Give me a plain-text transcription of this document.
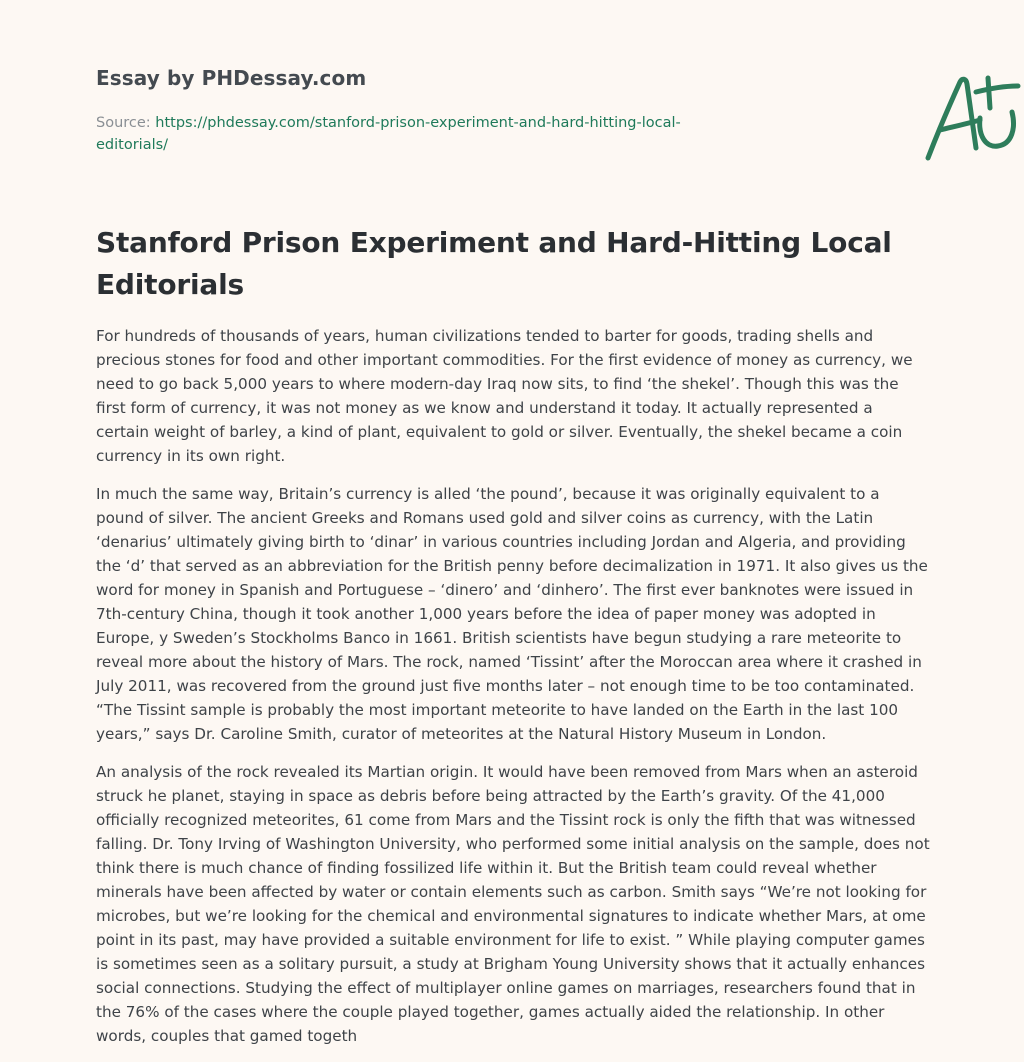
Essay by PHDessay.com
Source: https://phdessay.com/stanford-prison-experiment-and-hard-hitting-local-editorials/
Stanford Prison Experiment and Hard-Hitting Local Editorials

For hundreds of thousands of years, human civilizations tended to barter for goods, trading shells and precious stones for food and other important commodities. For the first evidence of money as currency, we need to go back 5,000 years to where modern-day Iraq now sits, to find ‘the shekel’. Though this was the first form of currency, it was not money as we know and understand it today. It actually represented a certain weight of barley, a kind of plant, equivalent to gold or silver. Eventually, the shekel became a coin currency in its own right.

In much the same way, Britain’s currency is alled ‘the pound’, because it was originally equivalent to a pound of silver. The ancient Greeks and Romans used gold and silver coins as currency, with the Latin ‘denarius’ ultimately giving birth to ‘dinar’ in various countries including Jordan and Algeria, and providing the ‘d’ that served as an abbreviation for the British penny before decimalization in 1971. It also gives us the word for money in Spanish and Portuguese – ‘dinero’ and ‘dinhero’. The first ever banknotes were issued in 7th-century China, though it took another 1,000 years before the idea of paper money was adopted in Europe, y Sweden’s Stockholms Banco in 1661. British scientists have begun studying a rare meteorite to reveal more about the history of Mars. The rock, named ‘Tissint’ after the Moroccan area where it crashed in July 2011, was recovered from the ground just five months later – not enough time to be too contaminated. “The Tissint sample is probably the most important meteorite to have landed on the Earth in the last 100 years,” says Dr. Caroline Smith, curator of meteorites at the Natural History Museum in London.

An analysis of the rock revealed its Martian origin. It would have been removed from Mars when an asteroid struck he planet, staying in space as debris before being attracted by the Earth’s gravity. Of the 41,000 officially recognized meteorites, 61 come from Mars and the Tissint rock is only the fifth that was witnessed falling. Dr. Tony Irving of Washington University, who performed some initial analysis on the sample, does not think there is much chance of finding fossilized life within it. But the British team could reveal whether minerals have been affected by water or contain elements such as carbon. Smith says “We’re not looking for microbes, but we’re looking for the chemical and environmental signatures to indicate whether Mars, at ome point in its past, may have provided a suitable environment for life to exist. ” While playing computer games is sometimes seen as a solitary pursuit, a study at Brigham Young University shows that it actually enhances social connections. Studying the effect of multiplayer online games on marriages, researchers found that in the 76% of the cases where the couple played together, games actually aided the relationship. In other words, couples that gamed togeth
